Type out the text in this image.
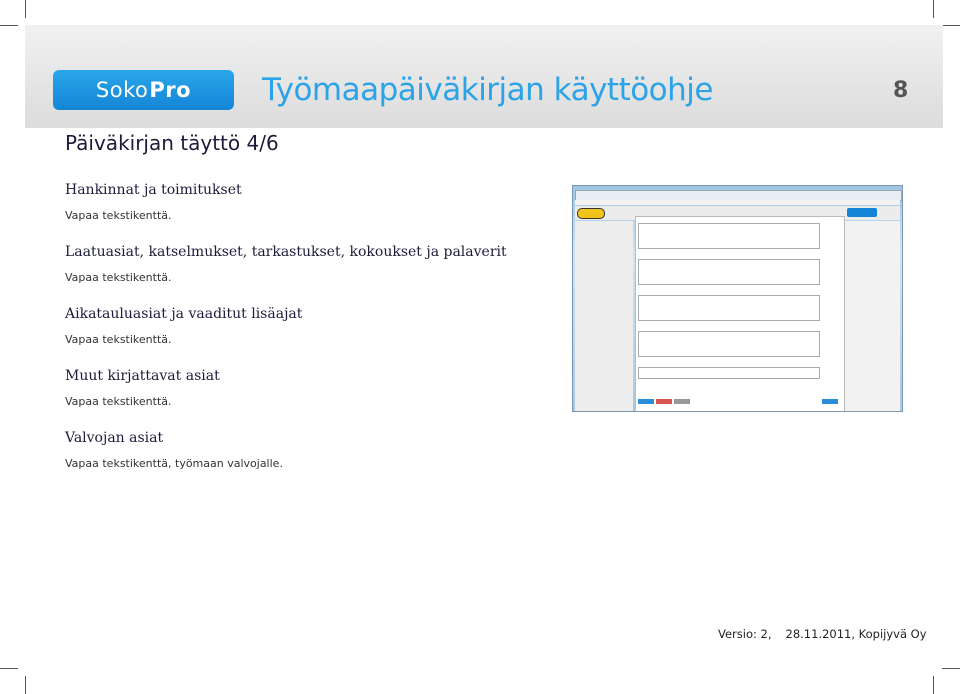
Soko Pro Työmaapäiväkirjan käyttöohje	8
Päiväkirjan täyttö 4/6
Hankinnat ja toimitukset
Vapaa tekstikenttä.
Laatuasiat, katselmukset, tarkastukset, kokoukset ja palaverit
Vapaa tekstikenttä.
Aikatauluasiat ja vaaditut lisäajat
Vapaa tekstikenttä.
Muut kirjattavat asiat
Vapaa tekstikenttä.
Valvojan asiat
Vapaa tekstikenttä, työmaan valvojalle.
Versio: 2, 28.11.2011, Kopijyvä Oy
